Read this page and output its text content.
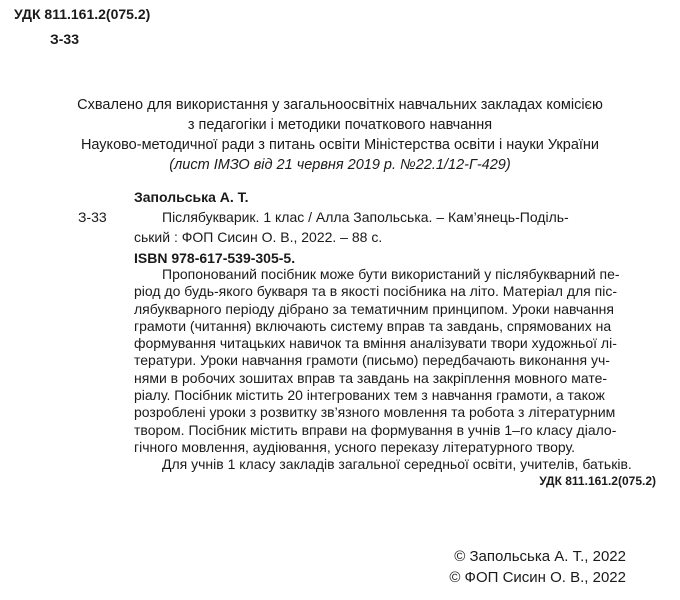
УДК 811.161.2(075.2)
З-33
Схвалено для використання у загальноосвітніх навчальних закладах комісією
з педагогіки і методики початкового навчання
Науково-методичної ради з питань освіти Міністерства освіти і науки України
(лист ІМЗО від 21 червня 2019 р. №22.1/12-Г-429)
Запольська А. Т.
З-33	Післябукварик. 1 клас / Алла Запольська. – Кам’янець-Поділь-
ський : ФОП Сисин О. В., 2022. – 88 с.
ISBN 978-617-539-305-5.
Пропонований посібник може бути використаний у післябукварний пе-
ріод до будь-якого букваря та в якості посібника на літо. Матеріал для піс-
лябукварного періоду дібрано за тематичним принципом. Уроки навчання
грамоти (читання) включають систему вправ та завдань, спрямованих на
формування читацьких навичок та вміння аналізувати твори художньої лі-
тератури. Уроки навчання грамоти (письмо) передбачають виконання уч-
нями в робочих зошитах вправ та завдань на закріплення мовного мате-
ріалу. Посібник містить 20 інтегрованих тем з навчання грамоти, а також
розроблені уроки з розвитку зв’язного мовлення та робота з літературним
твором. Посібник містить вправи на формування в учнів 1–го класу діало-
гічного мовлення, аудіювання, усного переказу літературного твору.
Для учнів 1 класу закладів загальної середньої освіти, учителів, батьків.
УДК 811.161.2(075.2)
© Запольська А. Т., 2022
© ФОП Сисин О. В., 2022
